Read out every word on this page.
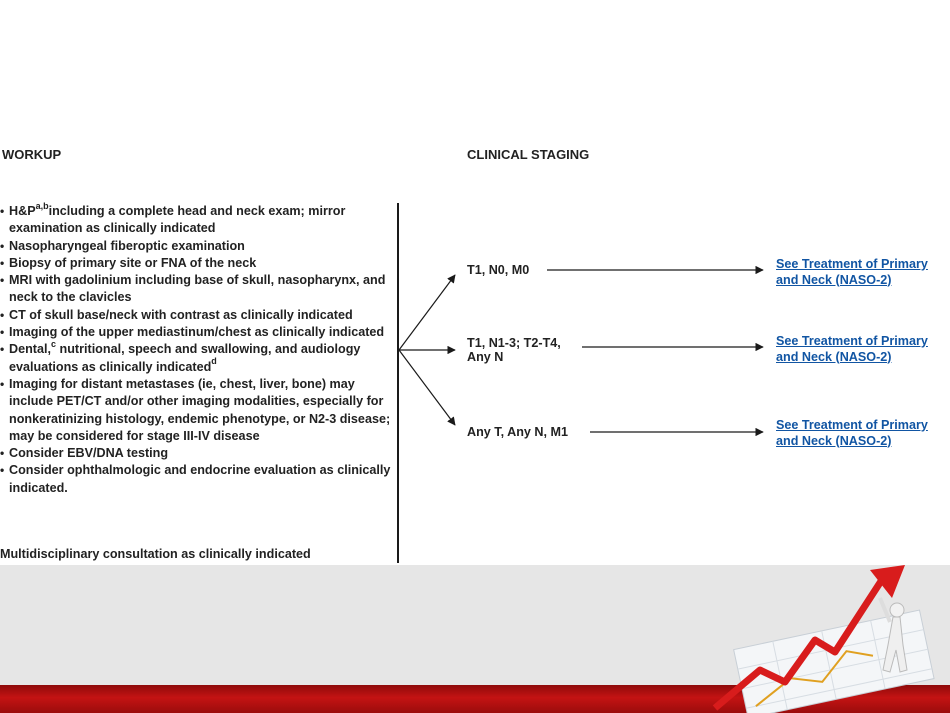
WORKUP	CLINICAL STAGING
• $H\&P^{a,b}including$ a complete head and neck exam; mirror examination as clinically indicated
• Nasopharyngeal fiberoptic examination
• Biopsy of primary site or FNA of the neck
• MRI with gadolinium including base of skull, nasopharynx, and neck to the clavicles
• CT of skull base/neck with contrast as clinically indicated
• Imaging of the upper mediastinum/chest as clinically indicated
• Dental,$^c$ nutritional, speech and swallowing, and audiology evaluations as clinically indicated$^d$
• Imaging for distant metastases (ie, chest, liver, bone) may include PET/CT and/or other imaging modalities, especially for nonkeratinizing histology, endemic phenotype, or N2-3 disease; may be considered for stage III-IV disease
• Consider EBV/DNA testing
• Consider ophthalmologic and endocrine evaluation as clinically indicated.
Multidisciplinary consultation as clinically indicated
T1, N0, M0
T1, N1-3; T2-T4, Any N
Any T, Any N, M1
See Treatment of Primary and Neck (NASO-2)
See Treatment of Primary and Neck (NASO-2)
See Treatment of Primary and Neck (NASO-2)
